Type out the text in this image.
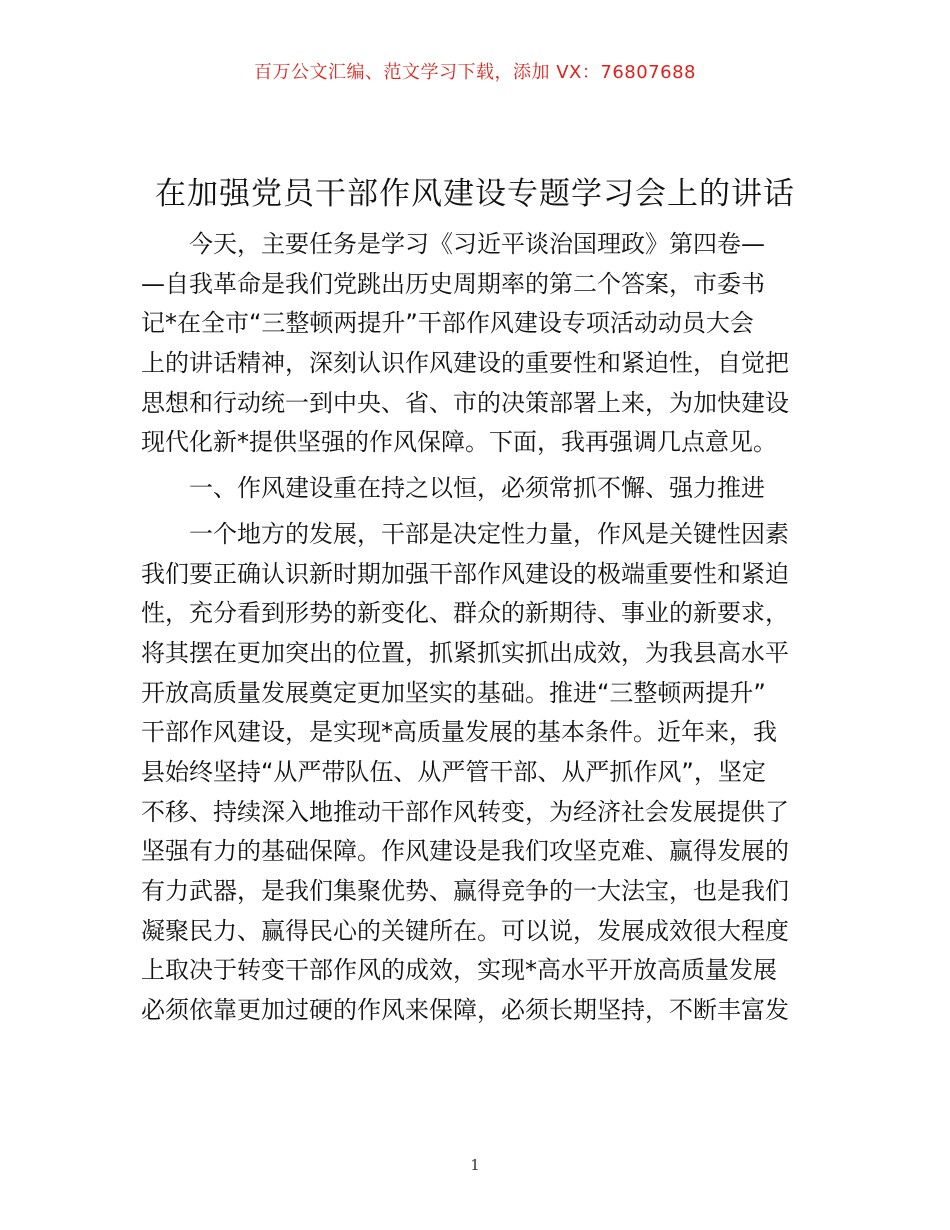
百万公文汇编、范文学习下载，添加 VX：76807688
在加强党员干部作风建设专题学习会上的讲话
今天，主要任务是学习《习近平谈治国理政》第四卷—
—自我革命是我们党跳出历史周期率的第二个答案，市委书
记*在全市“三整顿两提升”干部作风建设专项活动动员大会
上的讲话精神，深刻认识作风建设的重要性和紧迫性，自觉把
思想和行动统一到中央、省、市的决策部署上来，为加快建设
现代化新*提供坚强的作风保障。下面，我再强调几点意见。
一、作风建设重在持之以恒，必须常抓不懈、强力推进
一个地方的发展，干部是决定性力量，作风是关键性因素
我们要正确认识新时期加强干部作风建设的极端重要性和紧迫
性，充分看到形势的新变化、群众的新期待、事业的新要求，
将其摆在更加突出的位置，抓紧抓实抓出成效，为我县高水平
开放高质量发展奠定更加坚实的基础。推进“三整顿两提升”
干部作风建设，是实现*高质量发展的基本条件。近年来，我
县始终坚持“从严带队伍、从严管干部、从严抓作风”，坚定
不移、持续深入地推动干部作风转变，为经济社会发展提供了
坚强有力的基础保障。作风建设是我们攻坚克难、赢得发展的
有力武器，是我们集聚优势、赢得竞争的一大法宝，也是我们
凝聚民力、赢得民心的关键所在。可以说，发展成效很大程度
上取决于转变干部作风的成效，实现*高水平开放高质量发展
必须依靠更加过硬的作风来保障，必须长期坚持，不断丰富发
1
